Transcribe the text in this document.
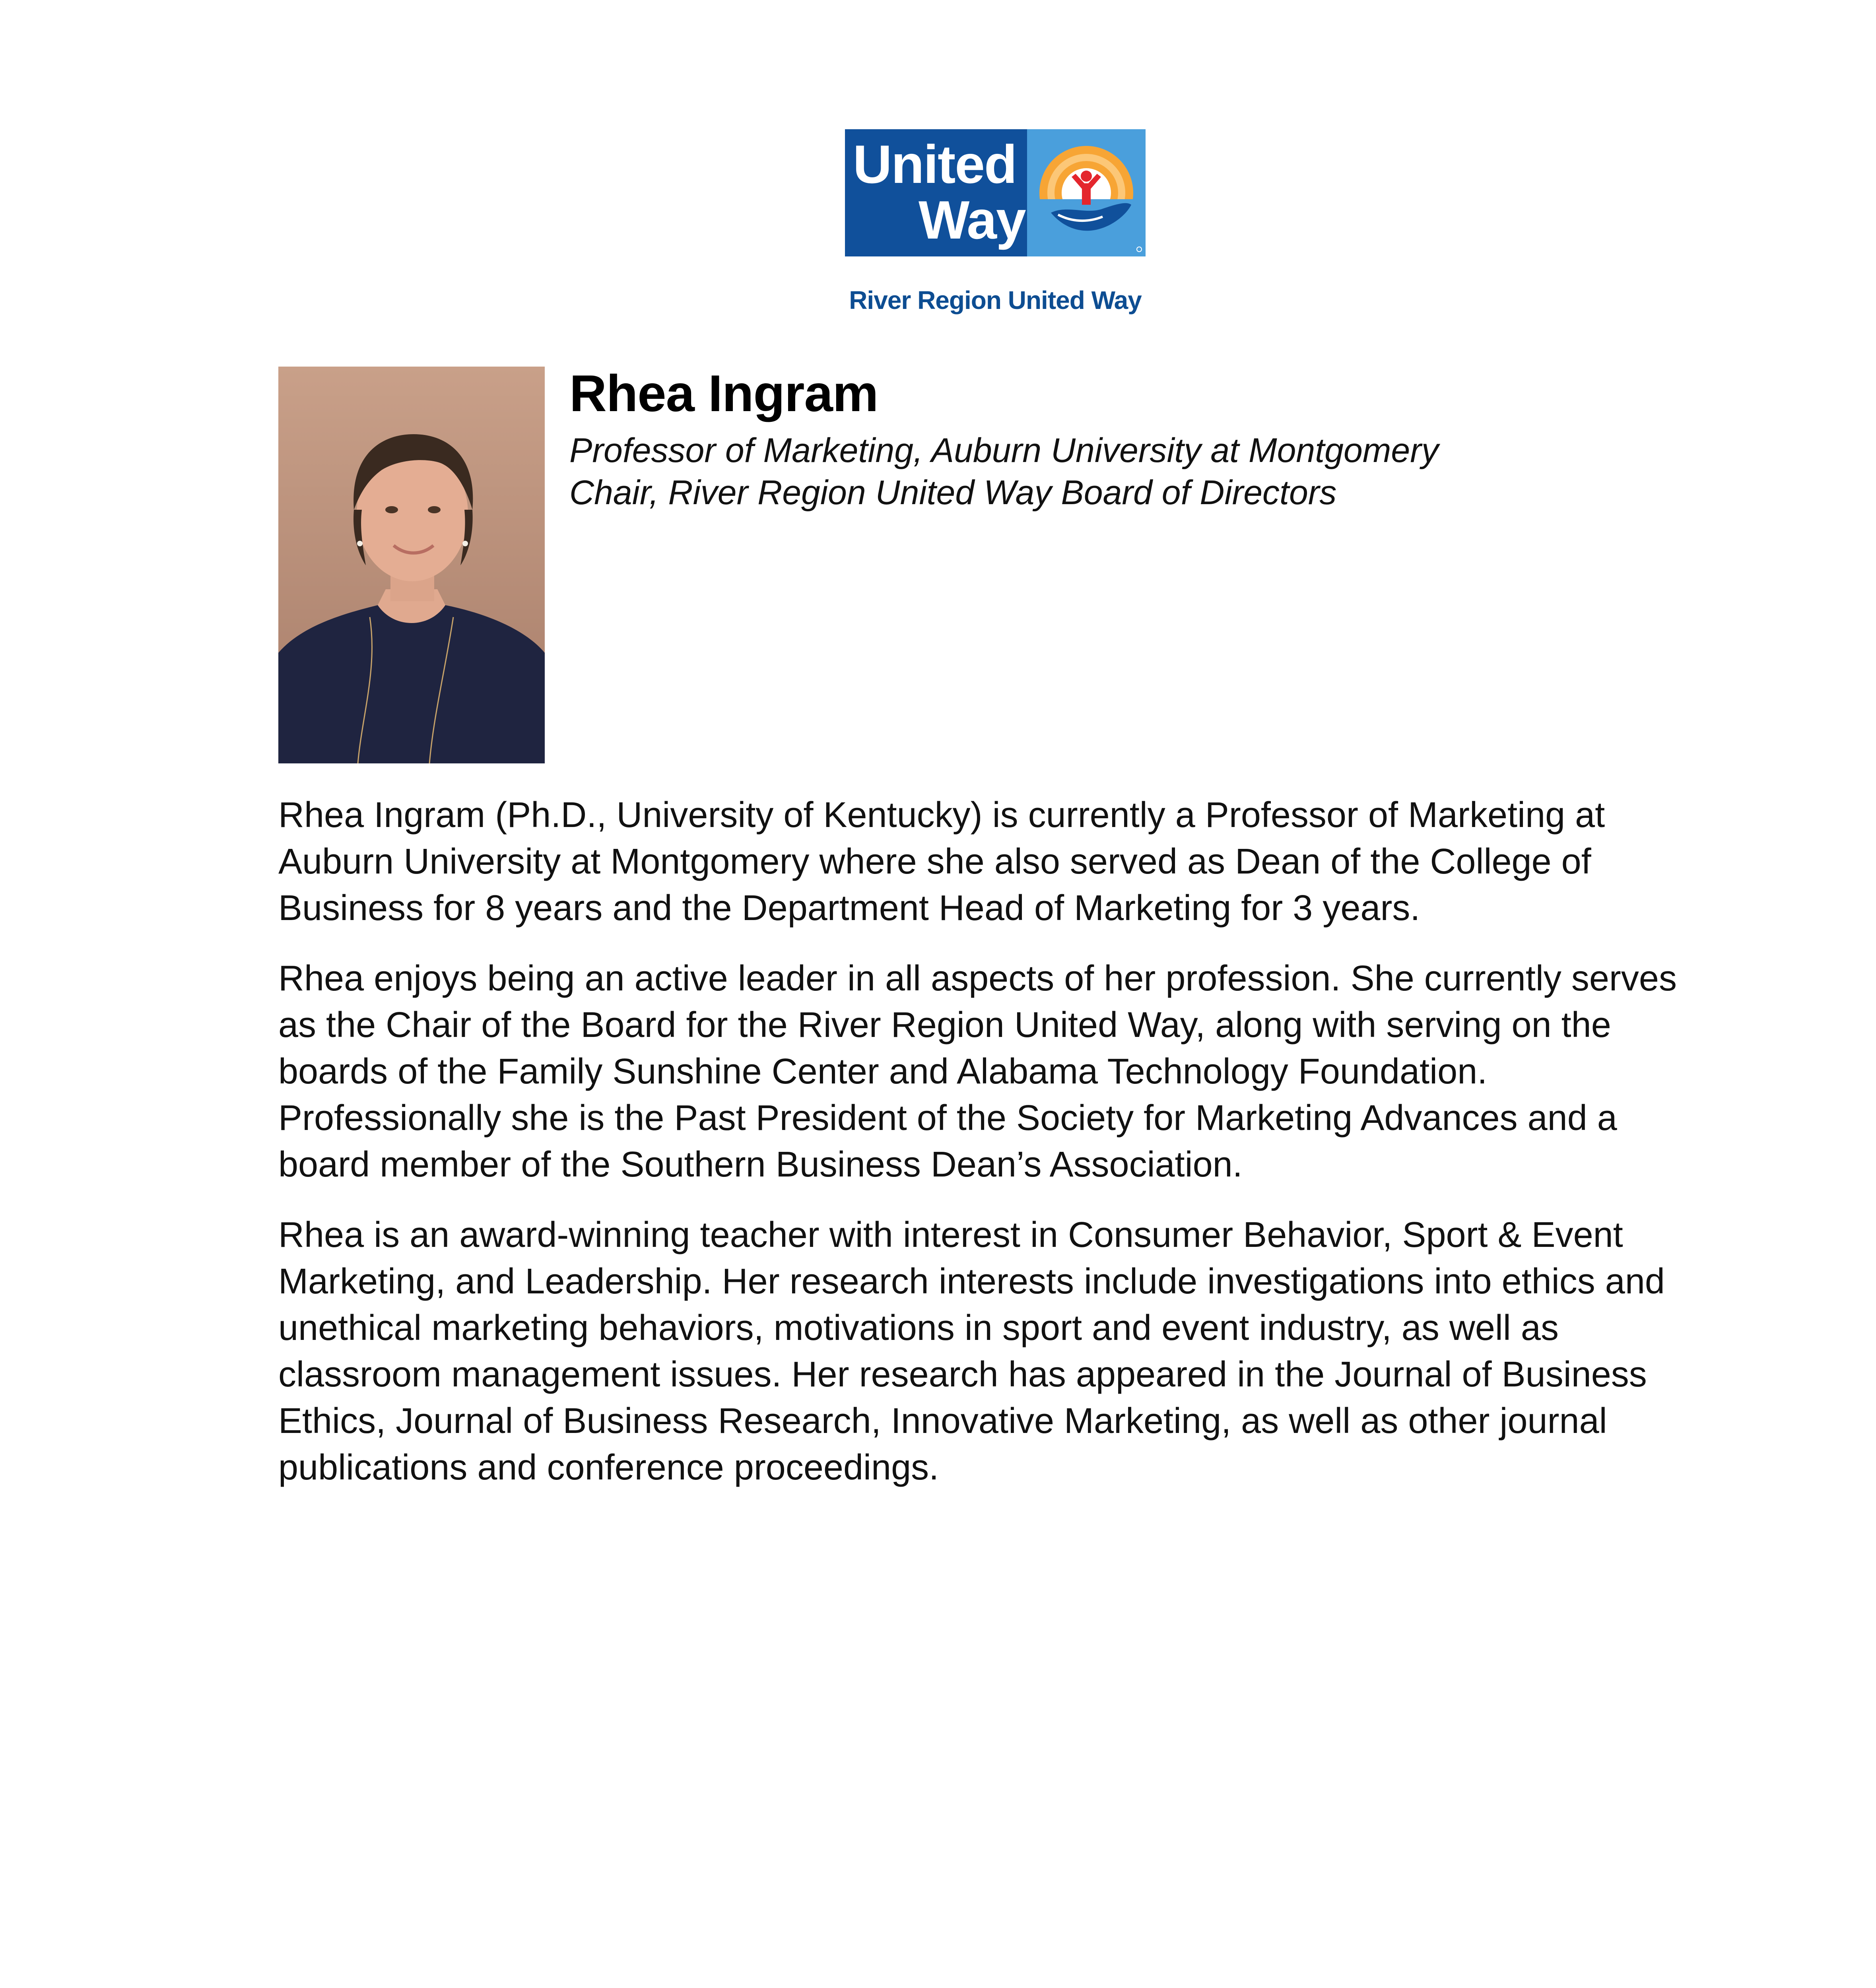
United
Way
River Region United Way
Rhea Ingram
Professor of Marketing, Auburn University at Montgomery
Chair, River Region United Way Board of Directors

Rhea Ingram (Ph.D., University of Kentucky) is currently a Professor of Marketing at Auburn University at Montgomery where she also served as Dean of the College of Business for 8 years and the Department Head of Marketing for 3 years.

Rhea enjoys being an active leader in all aspects of her profession. She currently serves as the Chair of the Board for the River Region United Way, along with serving on the boards of the Family Sunshine Center and Alabama Technology Foundation. Professionally she is the Past President of the Society for Marketing Advances and a board member of the Southern Business Dean’s Association.

Rhea is an award-winning teacher with interest in Consumer Behavior, Sport & Event Marketing, and Leadership. Her research interests include investigations into ethics and unethical marketing behaviors, motivations in sport and event industry, as well as classroom management issues. Her research has appeared in the Journal of Business Ethics, Journal of Business Research, Innovative Marketing, as well as other journal publications and conference proceedings.
